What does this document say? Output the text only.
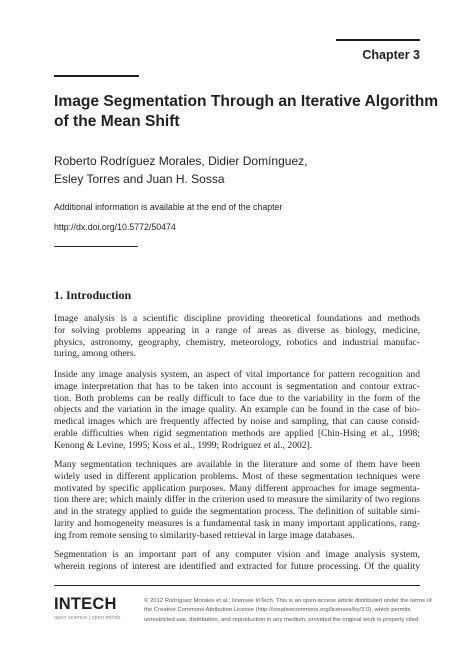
Chapter 3
Image Segmentation Through an Iterative Algorithm
of the Mean Shift
Roberto Rodríguez Morales, Didier Domínguez,
Esley Torres and Juan H. Sossa
Additional information is available at the end of the chapter
http://dx.doi.org/10.5772/50474
1. Introduction

Image analysis is a scientific discipline providing theoretical foundations and methods
for solving problems appearing in a range of areas as diverse as biology, medicine,
physics, astronomy, geography, chemistry, meteorology, robotics and industrial manufac-
turing, among others.

Inside any image analysis system, an aspect of vital importance for pattern recognition and
image interpretation that has to be taken into account is segmentation and contour extrac-
tion. Both problems can be really difficult to face due to the variability in the form of the
objects and the variation in the image quality. An example can be found in the case of bio-
medical images which are frequently affected by noise and sampling, that can cause consid-
erable difficulties when rigid segmentation methods are applied [Chin-Hsing et al., 1998;
Kenong & Levine, 1995; Koss et al., 1999; Rodríguez et al., 2002].

Many segmentation techniques are available in the literature and some of them have been
widely used in different application problems. Most of these segmentation techniques were
motivated by specific application purposes. Many different approaches for image segmenta-
tion there are; which mainly differ in the criterion used to measure the similarity of two regions
and in the strategy applied to guide the segmentation process. The definition of suitable simi-
larity and homogeneity measures is a fundamental task in many important applications, rang-
ing from remote sensing to similarity-based retrieval in large image databases.

Segmentation is an important part of any computer vision and image analysis system,
wherein regions of interest are identified and extracted for future processing. Of the quality

INTECH
open science | open minds
© 2012 Rodríguez Morales et al.; licensee InTech. This is an open access article distributed under the terms of
the Creative Commons Attribution License (http://creativecommons.org/licenses/by/3.0), which permits
unrestricted use, distribution, and reproduction in any medium, provided the original work is properly cited.
